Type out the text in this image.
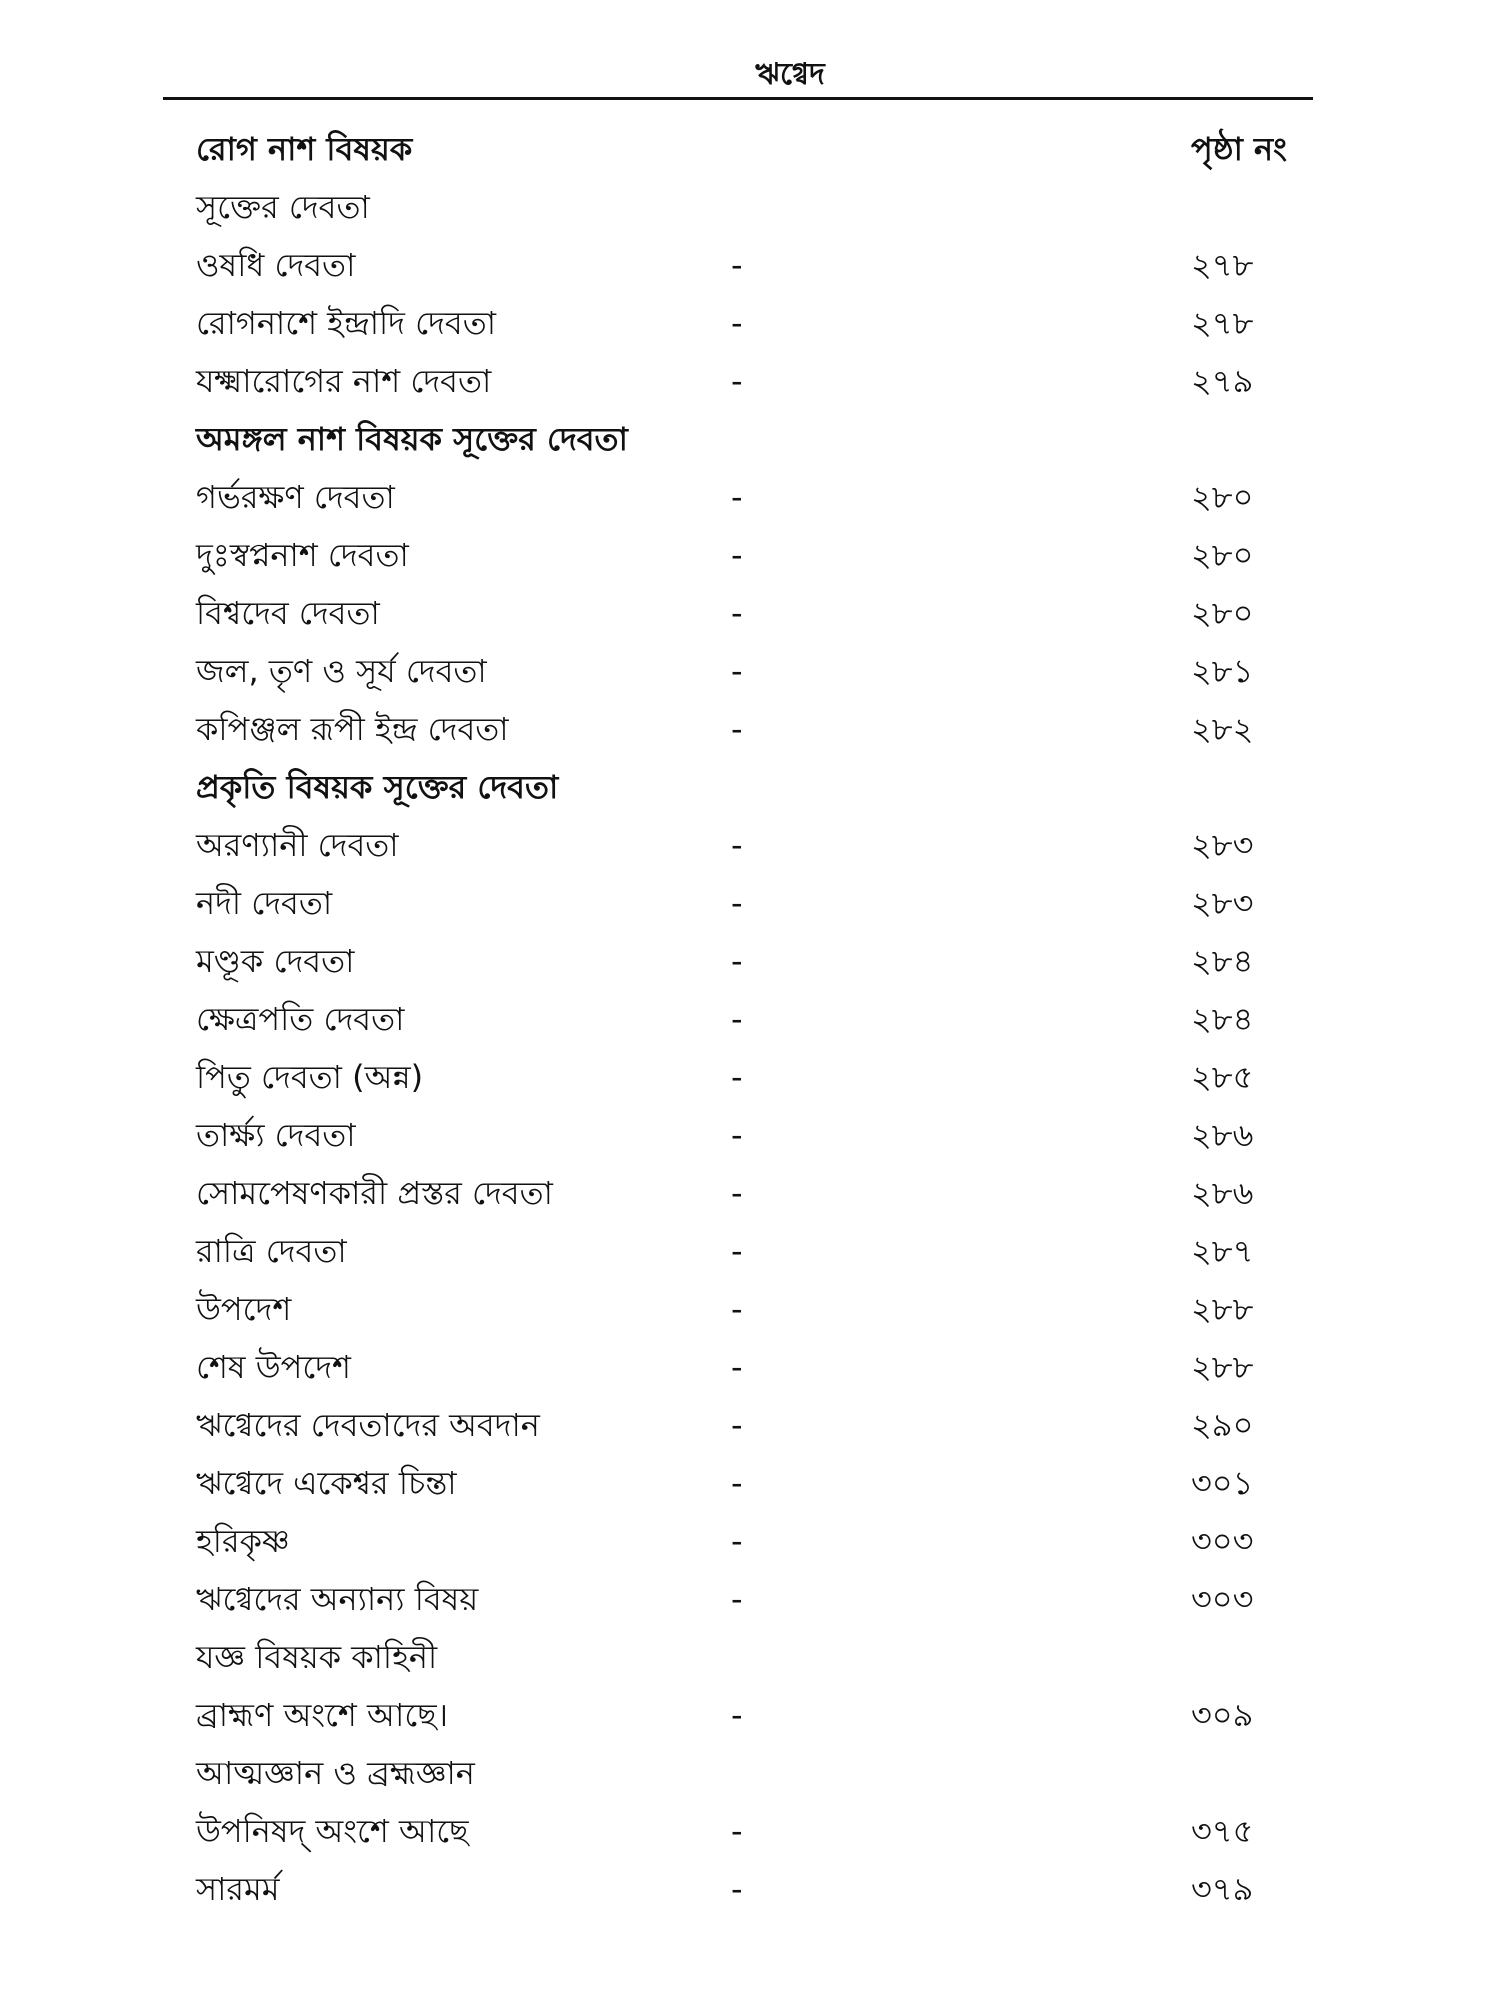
ঋগ্বেদ
রোগ নাশ বিষয়ক	পৃষ্ঠা নং
সূক্তের দেবতা
ওষধি দেবতা	-	২৭৮
রোগনাশে ইন্দ্রাদি দেবতা	-	২৭৮
যক্ষ্মারোগের নাশ দেবতা	-	২৭৯
অমঙ্গল নাশ বিষয়ক সূক্তের দেবতা
গর্ভরক্ষণ দেবতা	-	২৮০
দুঃস্বপ্ননাশ দেবতা	-	২৮০
বিশ্বদেব দেবতা	-	২৮০
জল, তৃণ ও সূর্য দেবতা	-	২৮১
কপিঞ্জল রূপী ইন্দ্র দেবতা	-	২৮২
প্রকৃতি বিষয়ক সূক্তের দেবতা
অরণ্যানী দেবতা	-	২৮৩
নদী দেবতা	-	২৮৩
মণ্ডূক দেবতা	-	২৮৪
ক্ষেত্রপতি দেবতা	-	২৮৪
পিতু দেবতা (অন্ন)	-	২৮৫
তার্ক্ষ্য দেবতা	-	২৮৬
সোমপেষণকারী প্রস্তর দেবতা	-	২৮৬
রাত্রি দেবতা	-	২৮৭
উপদেশ	-	২৮৮
শেষ উপদেশ	-	২৮৮
ঋগ্বেদের দেবতাদের অবদান	-	২৯০
ঋগ্বেদে একেশ্বর চিন্তা	-	৩০১
হরিকৃষ্ণ	-	৩০৩
ঋগ্বেদের অন্যান্য বিষয়	-	৩০৩
যজ্ঞ বিষয়ক কাহিনী
ব্রাহ্মণ অংশে আছে।	-	৩০৯
আত্মজ্ঞান ও ব্রহ্মজ্ঞান
উপনিষদ্ অংশে আছে	-	৩৭৫
সারমর্ম	-	৩৭৯
